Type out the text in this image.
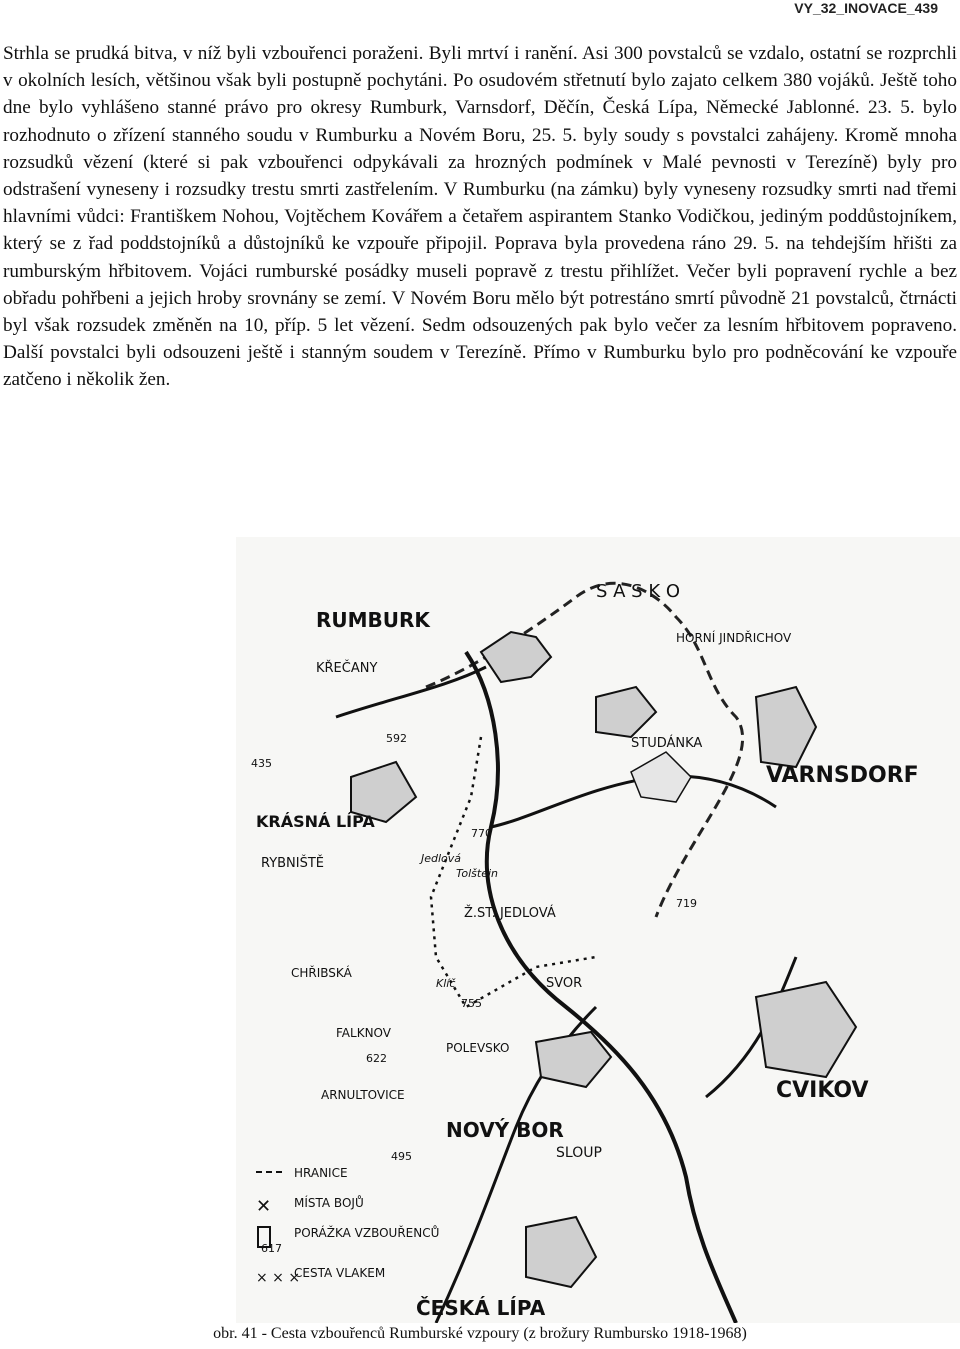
VY_32_INOVACE_439

Strhla se prudká bitva, v níž byli vzbouřenci poraženi. Byli mrtví i ranění. Asi 300 povstalců se vzdalo, ostatní se rozprchli v okolních lesích, většinou však byli postupně pochytáni. Po osudovém střetnutí bylo zajato celkem 380 vojáků. Ještě toho dne bylo vyhlášeno stanné právo pro okresy Rumburk, Varnsdorf, Děčín, Česká Lípa, Německé Jablonné. 23. 5. bylo rozhodnuto o zřízení stanného soudu v Rumburku a Novém Boru, 25. 5. byly soudy s povstalci zahájeny. Kromě mnoha rozsudků vězení (které si pak vzbouřenci odpykávali za hrozných podmínek v Malé pevnosti v Terezíně) byly pro odstrašení vyneseny i rozsudky trestu smrti zastřelením. V Rumburku (na zámku) byly vyneseny rozsudky smrti nad třemi hlavními vůdci: Františkem Nohou, Vojtěchem Kovářem a četařem aspirantem Stanko Vodičkou, jediným poddůstojníkem, který se z řad poddstojníků a důstojníků ke vzpouře připojil. Poprava byla provedena ráno 29. 5. na tehdejším hřišti za rumburským hřbitovem. Vojáci rumburské posádky museli popravě z trestu přihlížet. Večer byli popravení rychle a bez obřadu pohřbeni a jejich hroby srovnány se zemí. V Novém Boru mělo být potrestáno smrtí původně 21 povstalců, čtrnácti byl však rozsudek změněn na 10, příp. 5 let vězení. Sedm odsouzených pak bylo večer za lesním hřbitovem popraveno. Další povstalci byli odsouzeni ještě i stanným soudem v Terezíně. Přímo v Rumburku bylo pro podněcování ke vzpouře zatčeno i několik žen.

RUMBURK
S A S K O
KŘEČANY
HORNÍ JINDŘICHOV
STUDÁNKA
VARNSDORF
KRÁSNÁ LÍPA
RYBNIŠTĚ	Jedlová
Tolštejn
Ž.ST. JEDLOVÁ
CHŘIBSKÁ
SVOR
Klíč
FALKNOV
POLEVSKO
CVIKOV
ARNULTOVICE
NOVÝ BOR
SLOUP
ČESKÁ LÍPA
592
435
770
719
755
622
495
617
HRANICE
✕ MÍSTA BOJŮ
PORÁŽKA VZBOUŘENCŮ
× × ×
CESTA VLAKEM
obr. 41 - Cesta vzbouřenců Rumburské vzpoury (z brožury Rumbursko 1918-1968)
